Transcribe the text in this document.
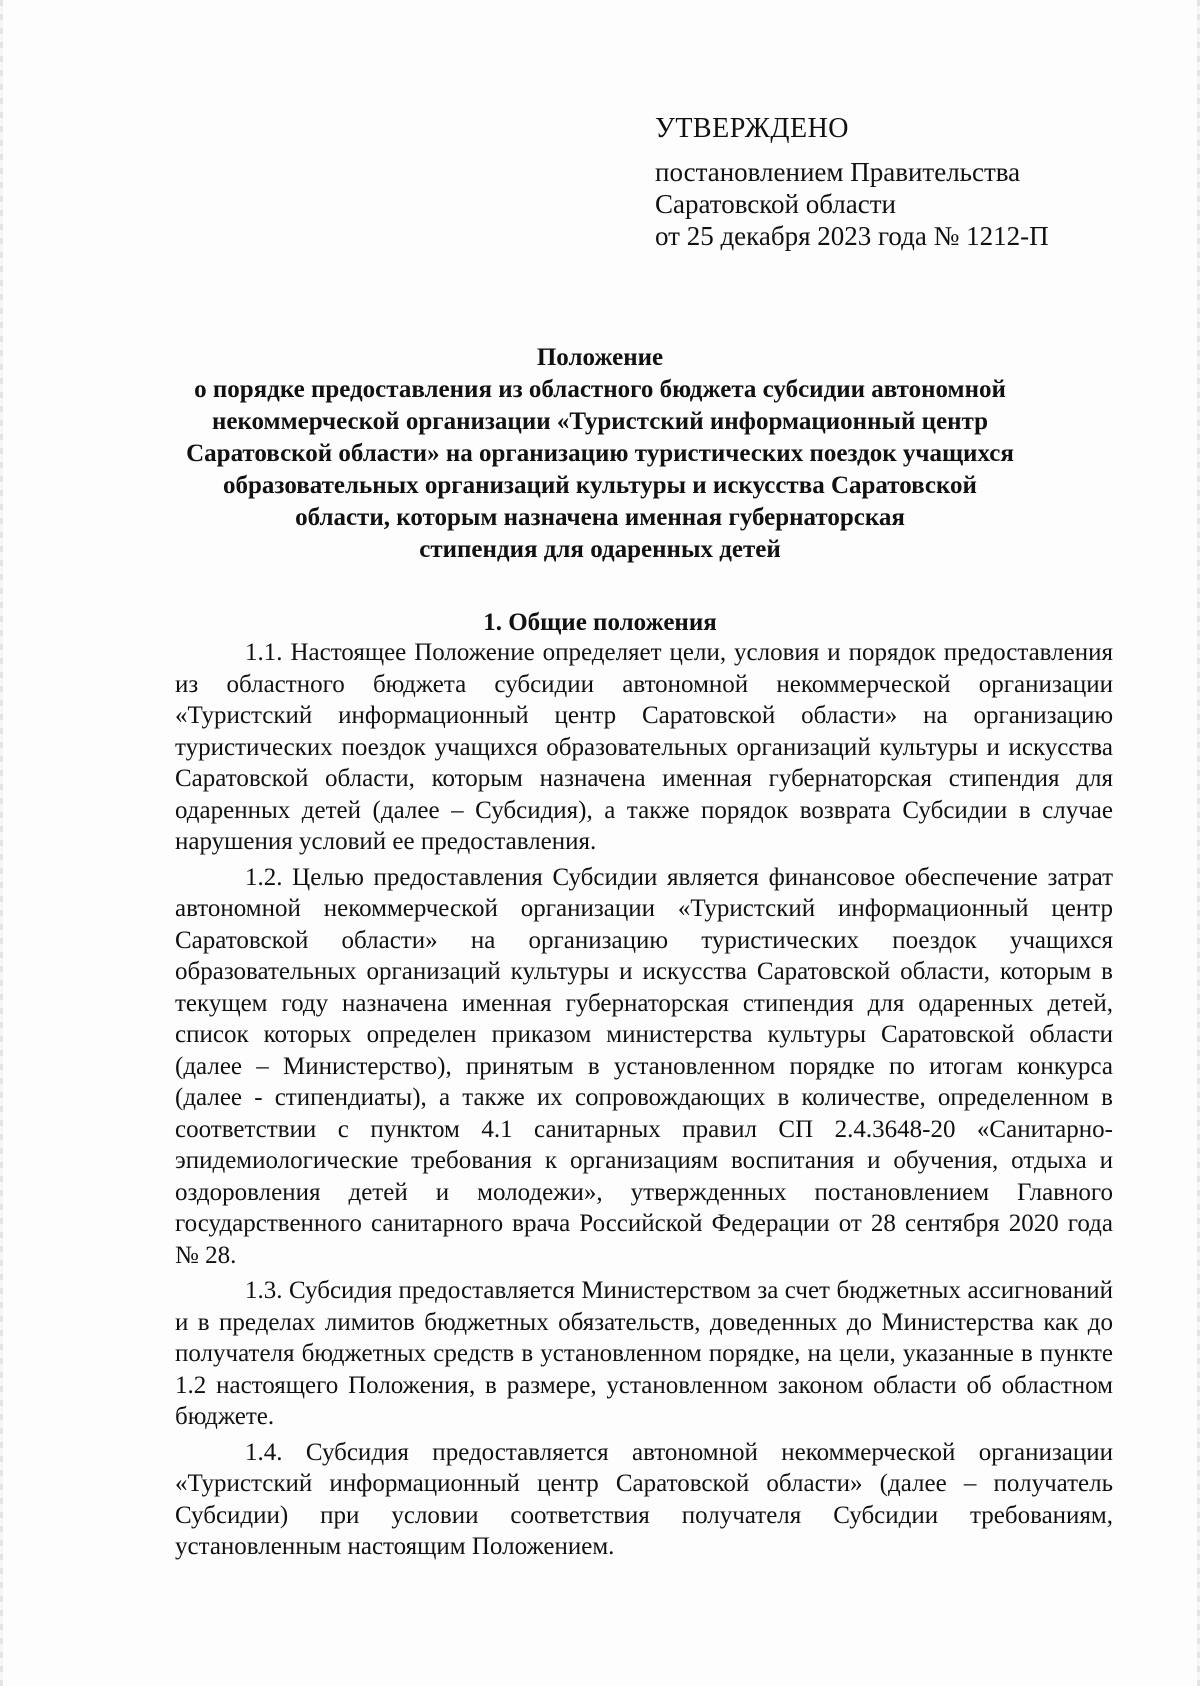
УТВЕРЖДЕНО
постановлением Правительства
Саратовской области
от 25 декабря 2023 года № 1212-П
Положение
о порядке предоставления из областного бюджета субсидии автономной
некоммерческой организации «Туристский информационный центр
Саратовской области» на организацию туристических поездок учащихся
образовательных организаций культуры и искусства Саратовской
области, которым назначена именная губернаторская
стипендия для одаренных детей
1. Общие положения

1.1. Настоящее Положение определяет цели, условия и порядок предоставления из областного бюджета субсидии автономной некоммерческой организации «Туристский информационный центр Саратовской области» на организацию туристических поездок учащихся образовательных организаций культуры и искусства Саратовской области, которым назначена именная губернаторская стипендия для одаренных детей (далее – Субсидия), а также порядок возврата Субсидии в случае нарушения условий ее предоставления.

1.2. Целью предоставления Субсидии является финансовое обеспечение затрат автономной некоммерческой организации «Туристский информационный центр Саратовской области» на организацию туристических поездок учащихся образовательных организаций культуры и искусства Саратовской области, которым в текущем году назначена именная губернаторская стипендия для одаренных детей, список которых определен приказом министерства культуры Саратовской области (далее – Министерство), принятым в установленном порядке по итогам конкурса (далее - стипендиаты), а также их сопровождающих в количестве, определенном в соответствии с пунктом 4.1 санитарных правил СП 2.4.3648-20 «Санитарно-эпидемиологические требования к организациям воспитания и обучения, отдыха и оздоровления детей и молодежи», утвержденных постановлением Главного государственного санитарного врача Российской Федерации от 28 сентября 2020 года № 28.

1.3. Субсидия предоставляется Министерством за счет бюджетных ассигнований и в пределах лимитов бюджетных обязательств, доведенных до Министерства как до получателя бюджетных средств в установленном порядке, на цели, указанные в пункте 1.2 настоящего Положения, в размере, установленном законом области об областном бюджете.

1.4. Субсидия предоставляется автономной некоммерческой организации «Туристский информационный центр Саратовской области» (далее – получатель Субсидии) при условии соответствия получателя Субсидии требованиям, установленным настоящим Положением.
